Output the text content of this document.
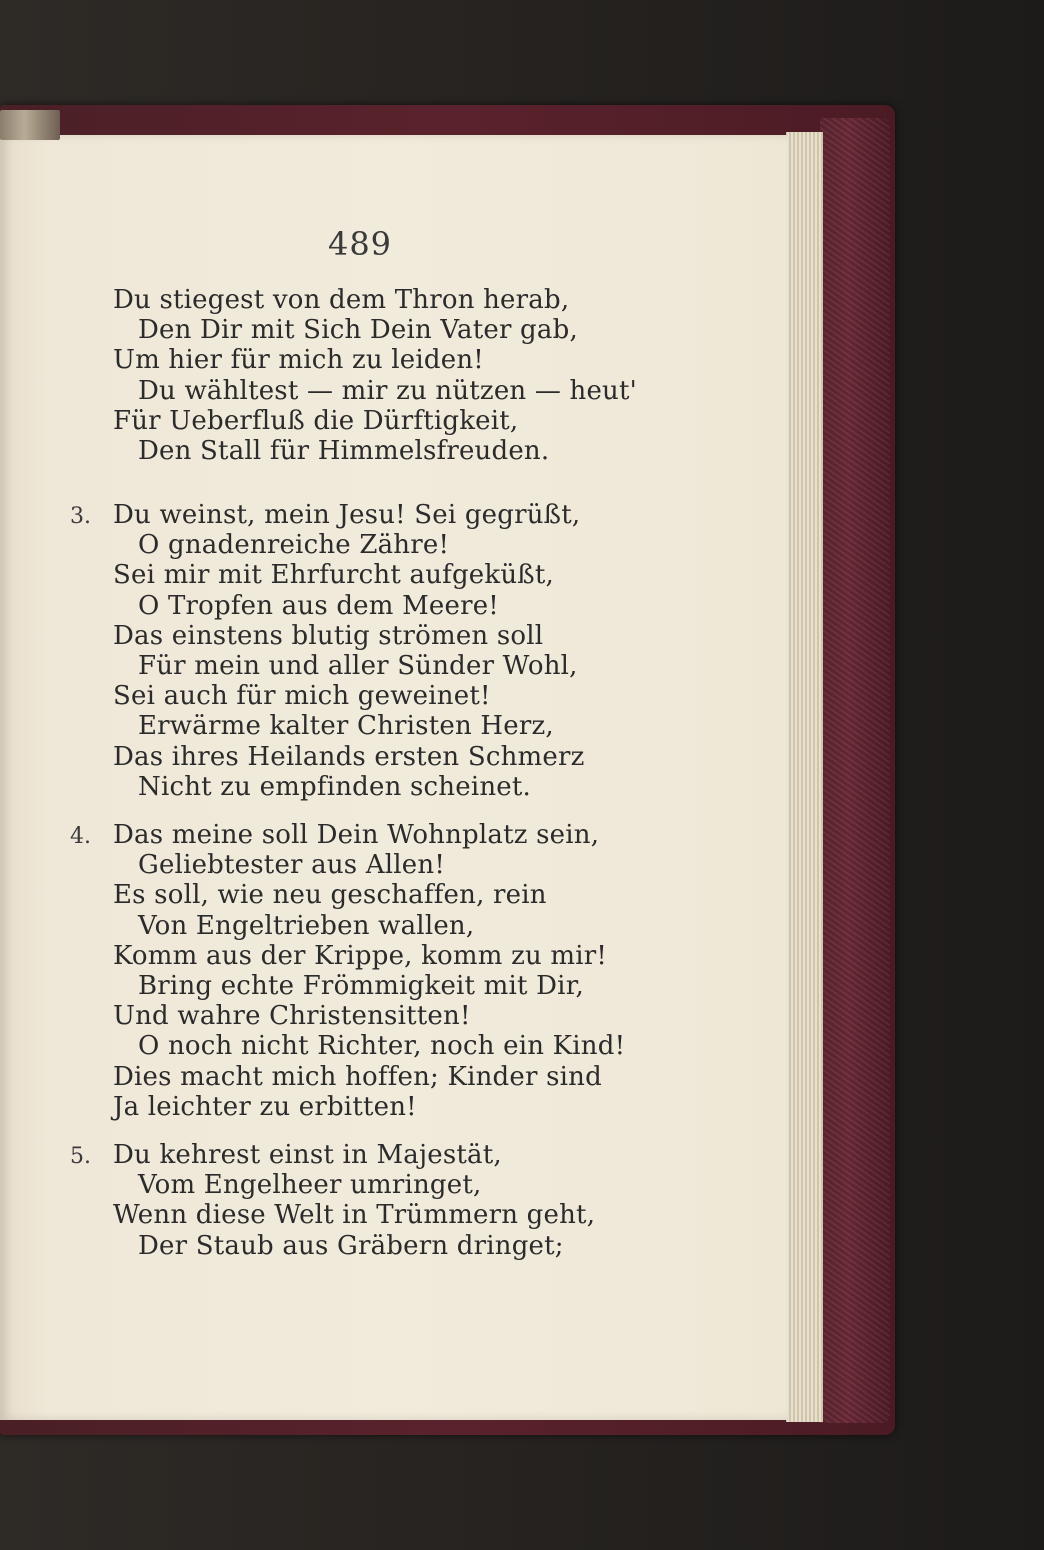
489
Du stiegest von dem Thron herab,
Den Dir mit Sich Dein Vater gab,
Um hier für mich zu leiden!
Du wähltest — mir zu nützen — heut'
Für Ueberfluß die Dürftigkeit,
Den Stall für Himmelsfreuden.
3. Du weinst, mein Jesu! Sei gegrüßt,
O gnadenreiche Zähre!
Sei mir mit Ehrfurcht aufgeküßt,
O Tropfen aus dem Meere!
Das einstens blutig strömen soll
Für mein und aller Sünder Wohl,
Sei auch für mich geweinet!
Erwärme kalter Christen Herz,
Das ihres Heilands ersten Schmerz
Nicht zu empfinden scheinet.
4. Das meine soll Dein Wohnplatz sein,
Geliebtester aus Allen!
Es soll, wie neu geschaffen, rein
Von Engeltrieben wallen,
Komm aus der Krippe, komm zu mir!
Bring echte Frömmigkeit mit Dir,
Und wahre Christensitten!
O noch nicht Richter, noch ein Kind!
Dies macht mich hoffen; Kinder sind
Ja leichter zu erbitten!
5. Du kehrest einst in Majestät,
Vom Engelheer umringet,
Wenn diese Welt in Trümmern geht,
Der Staub aus Gräbern dringet;
